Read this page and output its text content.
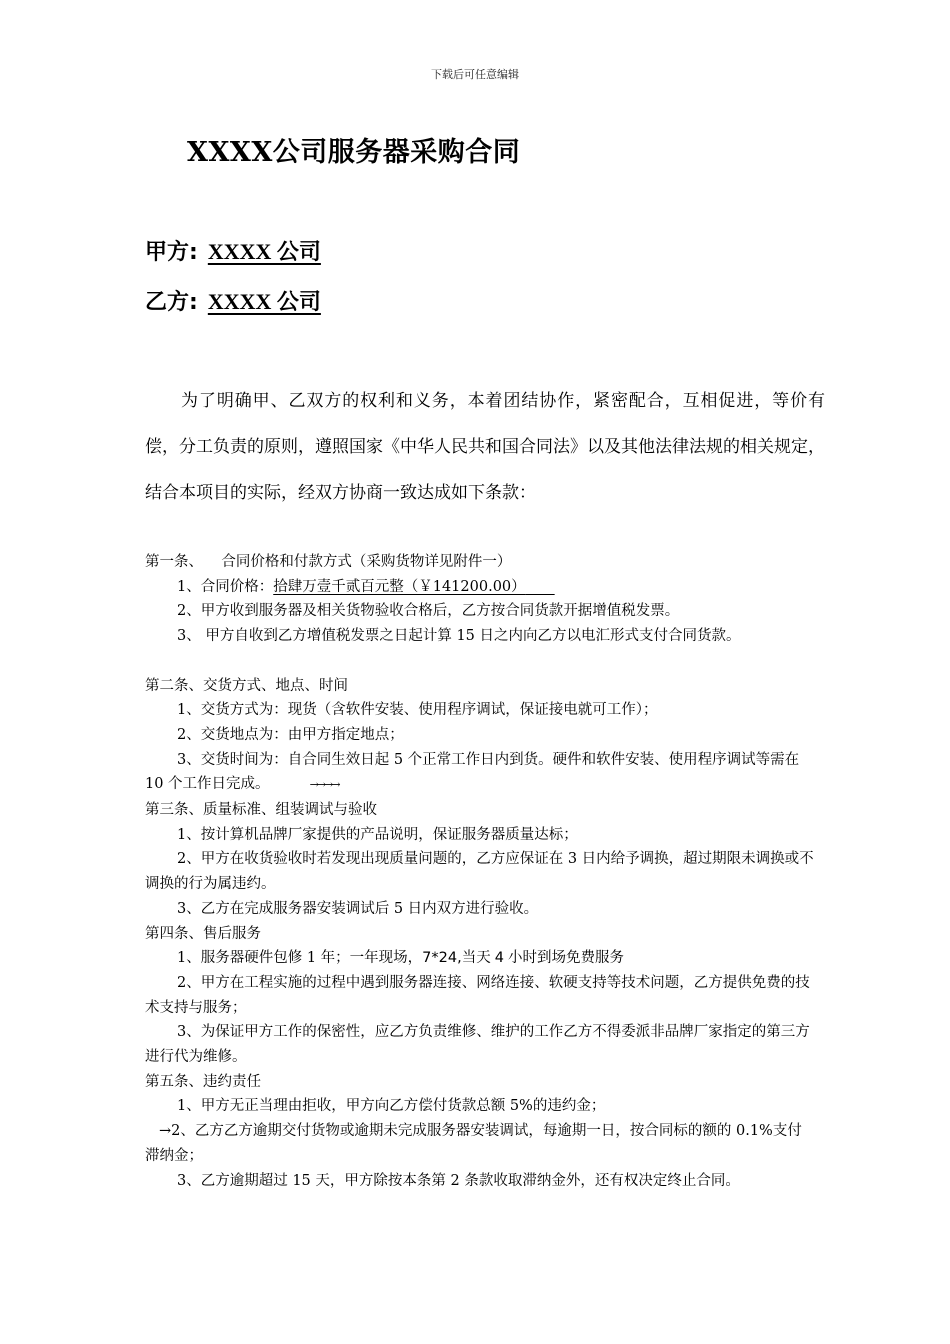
下载后可任意编辑
XXXX公司服务器采购合同
甲方: XXXX 公司
乙方: XXXX 公司

为了明确甲、乙双方的权利和义务，本着团结协作，紧密配合，互相促进，等价有偿，分工负责的原则，遵照国家《中华人民共和国合同法》以及其他法律法规的相关规定，结合本项目的实际，经双方协商一致达成如下条款：

第一条、    合同价格和付款方式（采购货物详见附件一）

1、合同价格：拾肆万壹千贰百元整（￥141200.00）  

2、甲方收到服务器及相关货物验收合格后，乙方按合同货款开据增值税发票。

3、 甲方自收到乙方增值税发票之日起计算 15 日之内向乙方以电汇形式支付合同货款。

第二条、交货方式、地点、时间

1、交货方式为：现货（含软件安装、使用程序调试，保证接电就可工作）；

2、交货地点为：由甲方指定地点；

3、交货时间为：自合同生效日起 5 个正常工作日内到货。硬件和软件安装、使用程序调试等需在 10 个工作日完成。	→→→→

第三条、质量标准、组装调试与验收

1、按计算机品牌厂家提供的产品说明，保证服务器质量达标；

2、甲方在收货验收时若发现出现质量问题的，乙方应保证在 3 日内给予调换，超过期限未调换或不调换的行为属违约。

3、乙方在完成服务器安装调试后 5 日内双方进行验收。

第四条、售后服务

1、服务器硬件包修 1 年；一年现场，7*24,当天 4 小时到场免费服务

2、甲方在工程实施的过程中遇到服务器连接、网络连接、软硬支持等技术问题，乙方提供免费的技术支持与服务；

3、为保证甲方工作的保密性，应乙方负责维修、维护的工作乙方不得委派非品牌厂家指定的第三方进行代为维修。

第五条、违约责任

1、甲方无正当理由拒收，甲方向乙方偿付货款总额 5%的违约金；

→2、乙方乙方逾期交付货物或逾期未完成服务器安装调试，每逾期一日，按合同标的额的 0.1%支付滞纳金；

3、乙方逾期超过 15 天，甲方除按本条第 2 条款收取滞纳金外，还有权决定终止合同。
